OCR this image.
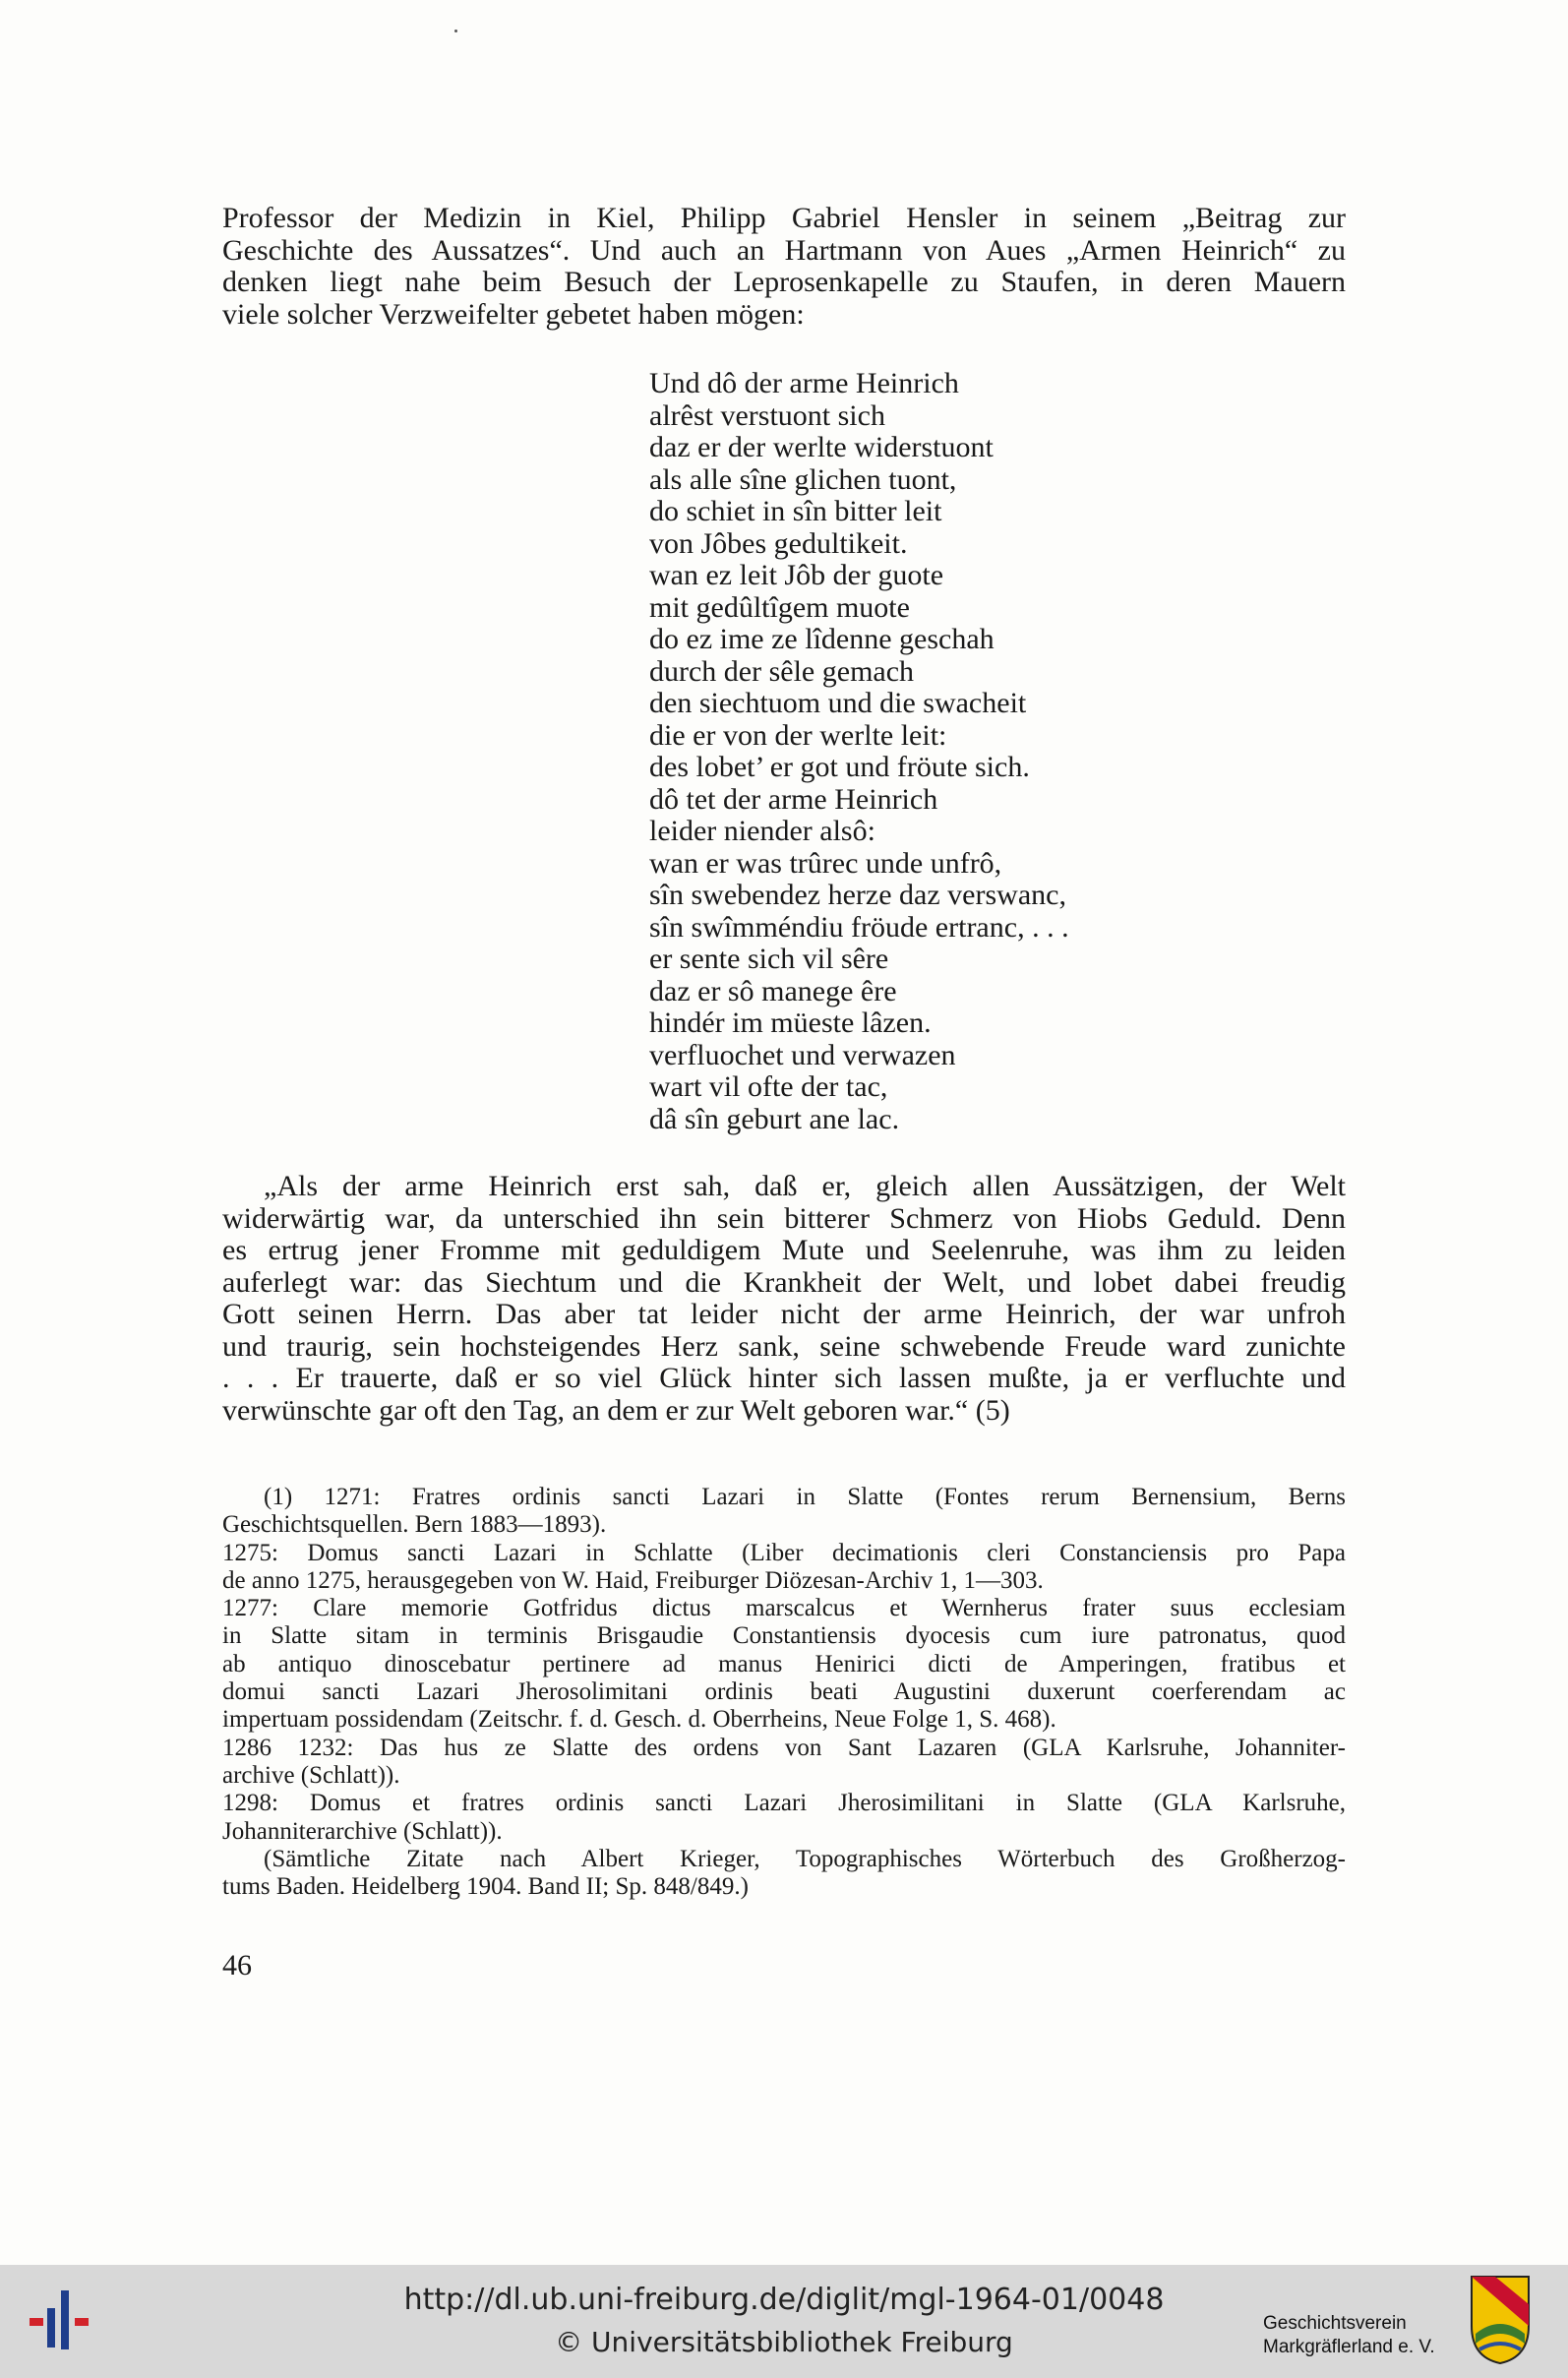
Professor der Medizin in Kiel, Philipp Gabriel Hensler in seinem „Beitrag zur
Geschichte des Aussatzes“. Und auch an Hartmann von Aues „Armen Heinrich“ zu
denken liegt nahe beim Besuch der Leprosenkapelle zu Staufen, in deren Mauern
viele solcher Verzweifelter gebetet haben mögen:
Und dô der arme Heinrich
alrêst verstuont sich
daz er der werlte widerstuont
als alle sîne glichen tuont,
do schiet in sîn bitter leit
von Jôbes gedultikeit.
wan ez leit Jôb der guote
mit gedûltîgem muote
do ez ime ze lîdenne geschah
durch der sêle gemach
den siechtuom und die swacheit
die er von der werlte leit:
des lobet’ er got und fröute sich.
dô tet der arme Heinrich
leider niender alsô:
wan er was trûrec unde unfrô,
sîn swebendez herze daz verswanc,
sîn swîmméndiu fröude ertranc, . . .
er sente sich vil sêre
daz er sô manege êre
hindér im müeste lâzen.
verfluochet und verwazen
wart vil ofte der tac,
dâ sîn geburt ane lac.
„Als der arme Heinrich erst sah, daß er, gleich allen Aussätzigen, der Welt
widerwärtig war, da unterschied ihn sein bitterer Schmerz von Hiobs Geduld. Denn
es ertrug jener Fromme mit geduldigem Mute und Seelenruhe, was ihm zu leiden
auferlegt war: das Siechtum und die Krankheit der Welt, und lobet dabei freudig
Gott seinen Herrn. Das aber tat leider nicht der arme Heinrich, der war unfroh
und traurig, sein hochsteigendes Herz sank, seine schwebende Freude ward zunichte
. . . Er trauerte, daß er so viel Glück hinter sich lassen mußte, ja er verfluchte und
verwünschte gar oft den Tag, an dem er zur Welt geboren war.“ (5)
(1) 1271: Fratres ordinis sancti Lazari in Slatte (Fontes rerum Bernensium, Berns
Geschichtsquellen. Bern 1883—1893).
1275: Domus sancti Lazari in Schlatte (Liber decimationis cleri Constanciensis pro Papa
de anno 1275, herausgegeben von W. Haid, Freiburger Diözesan-Archiv 1, 1—303.
1277: Clare memorie Gotfridus dictus marscalcus et Wernherus frater suus ecclesiam
in Slatte sitam in terminis Brisgaudie Constantiensis dyocesis cum iure patronatus, quod
ab antiquo dinoscebatur pertinere ad manus Henirici dicti de Amperingen, fratibus et
domui sancti Lazari Jherosolimitani ordinis beati Augustini duxerunt coerferendam ac
impertuam possidendam (Zeitschr. f. d. Gesch. d. Oberrheins, Neue Folge 1, S. 468).
1286 1232: Das hus ze Slatte des ordens von Sant Lazaren (GLA Karlsruhe, Johanniter-
archive (Schlatt)).
1298: Domus et fratres ordinis sancti Lazari Jherosimilitani in Slatte (GLA Karlsruhe,
Johanniterarchive (Schlatt)).
(Sämtliche Zitate nach Albert Krieger, Topographisches Wörterbuch des Großherzog-
tums Baden. Heidelberg 1904. Band II; Sp. 848/849.)
46
http://dl.ub.uni-freiburg.de/diglit/mgl-1964-01/0048
© Universitätsbibliothek Freiburg
Geschichtsverein
Markgräflerland e. V.
